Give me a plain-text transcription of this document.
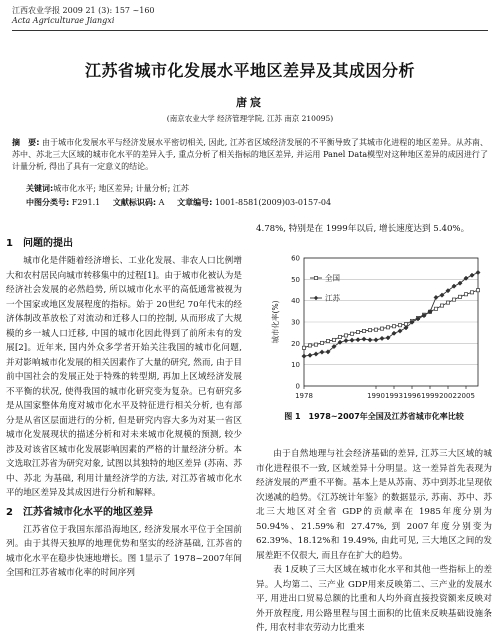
江西农业学报 2009 21 (3): 157 ~160
Acta Agriculturae Jiangxi
江苏省城市化发展水平地区差异及其成因分析
唐宸
(南京农业大学 经济管理学院, 江苏 南京 210095)
摘　要: 由于城市化发展水平与经济发展水平密切相关, 因此, 江苏省区域经济发展的不平衡导致了其城市化进程的地区差异。从苏南、苏中、苏北三大区域的城市化水平的差异入手, 重点分析了相关指标的地区差异, 并运用 Panel Data模型对这种地区差异的成因进行了计量分析, 得出了具有一定意义的结论。
关键词:城市化水平; 地区差异; 计量分析; 江苏
中图分类号: F291.1 文献标识码: A 文章编号: 1001-8581(2009)03-0157-04
1　问题的提出

城市化是伴随着经济增长、工业化发展、非农人口比例增大和农村居民向城市转移集中的过程[1]。由于城市化被认为是经济社会发展的必然趋势, 所以城市化水平的高低通常被视为一个国家或地区发展程度的指标。始于 20世纪 70年代末的经济体制改革放松了对流动和迁移人口的控制, 从而形成了大规模的乡一城人口迁移, 中国的城市化因此得到了前所未有的发展[2]。近年来, 国内外众多学者开始关注我国的城市化问题, 并对影响城市化发展的相关因素作了大量的研究, 然而, 由于目前中国社会的发展正处于特殊的转型期, 再加上区域经济发展不平衡的状况, 使得我国的城市化研究变为复杂。已有研究多是从国家整体角度对城市化水平及特征进行相关分析, 也有部分是从省区层面进行的分析, 但是研究内容大多为对某一省区城市化发展现状的描述分析和对未来城市化规模的预测, 较少涉及对该省区城市化发展影响因素的严格的计量经济分析。本文选取江苏省为研究对象, 试图以其独特的地区差异 (苏南、苏中、苏北 为基础, 利用计量经济学的方法, 对江苏省城市化水平的地区差异及其成因进行分析和解释。

2　江苏省城市化水平的地区差异

江苏省位于我国东部沿海地区, 经济发展水平位于全国前列。由于其得天独厚的地理优势和坚实的经济基础, 江苏省的城市化水平在稳步快速地增长。图 1显示了 1978~2007年间全国和江苏省城市化率的时间序列

4.78%, 特别是在 1999年以后, 增长速度达到 5.40%。

0
10
20
30
40
50
60
1978	1990 1993 1996 1999 2002 2005
城市化率(%)
全国
江苏
图 1　1978~2007年全国及江苏省城市化率比较

由于自然地理与社会经济基础的差异, 江苏三大区域的城市化进程很不一致, 区域差异十分明显。这一差异首先表现为经济发展的严重不平衡。基本上是从苏南、苏中到苏北呈现依次递减的趋势。《江苏统计年鉴》的数据显示, 苏南、苏中、苏北三大地区对全省 GDP的贡献率在 1985年度分别为 50.94%、21.59%和 27.47%, 到 2007年度分别变为 62.39%、18.12%和 19.49%, 由此可见, 三大地区之间的发展差距不仅很大, 而且存在扩大的趋势。

表 1反映了三大区域在城市化水平和其他一些指标上的差异。人均第二、三产业 GDP用来反映第二、三产业的发展水平, 用进出口贸易总额的比重和人均外商直接投资额来反映对外开放程度, 用公路里程与国土面积的比值来反映基础设施条件, 用农村非农劳动力比重来
